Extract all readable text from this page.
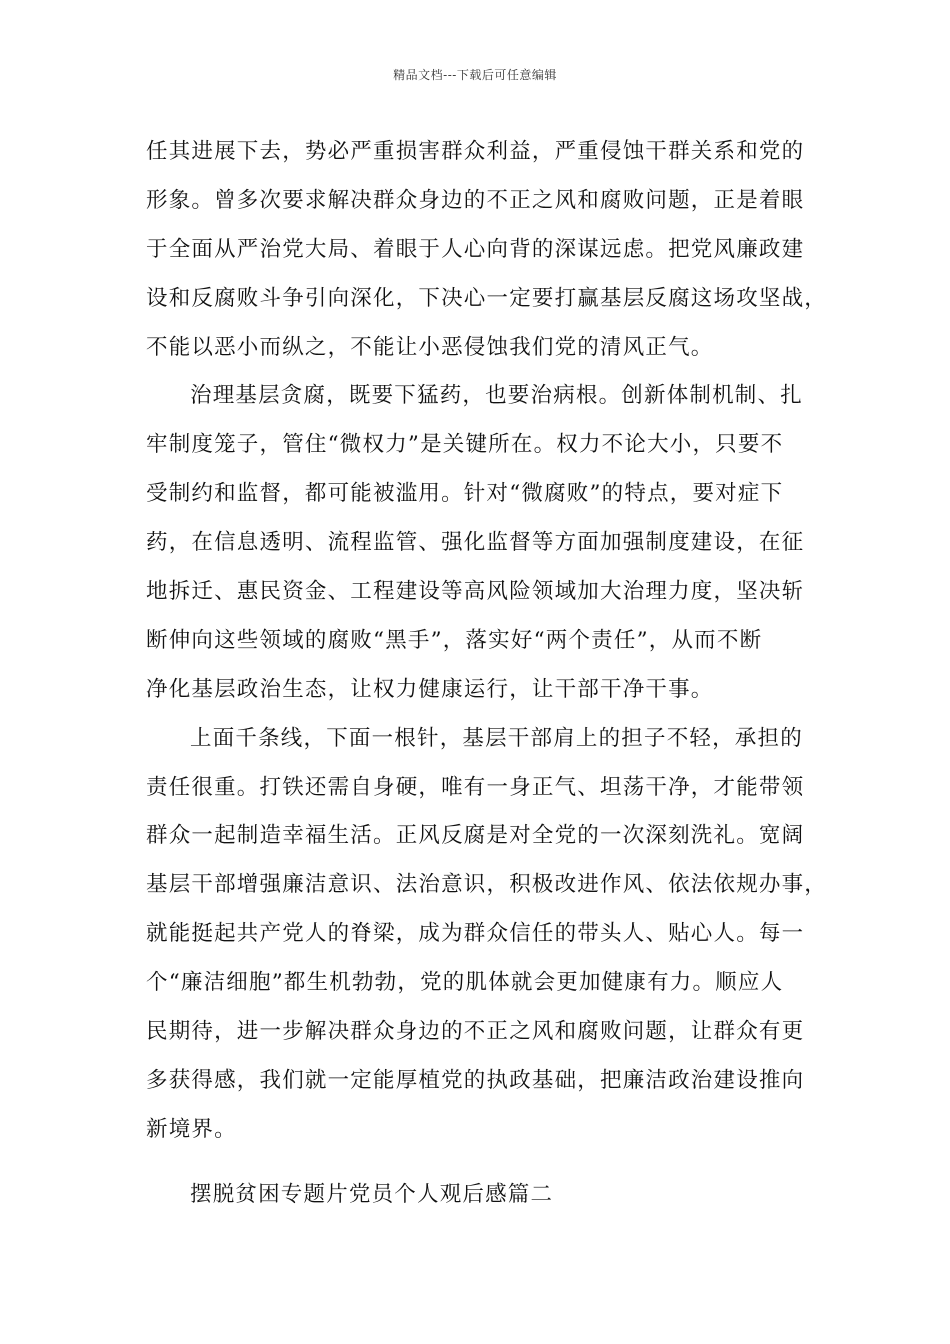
精品文档---下载后可任意编辑
任其进展下去，势必严重损害群众利益，严重侵蚀干群关系和党的
形象。曾多次要求解决群众身边的不正之风和腐败问题，正是着眼
于全面从严治党大局、着眼于人心向背的深谋远虑。把党风廉政建
设和反腐败斗争引向深化，下决心一定要打赢基层反腐这场攻坚战，
不能以恶小而纵之，不能让小恶侵蚀我们党的清风正气。
治理基层贪腐，既要下猛药，也要治病根。创新体制机制、扎
牢制度笼子，管住“微权力”是关键所在。权力不论大小，只要不
受制约和监督，都可能被滥用。针对“微腐败”的特点，要对症下
药，在信息透明、流程监管、强化监督等方面加强制度建设，在征
地拆迁、惠民资金、工程建设等高风险领域加大治理力度，坚决斩
断伸向这些领域的腐败“黑手”，落实好“两个责任”，从而不断
净化基层政治生态，让权力健康运行，让干部干净干事。
上面千条线，下面一根针，基层干部肩上的担子不轻，承担的
责任很重。打铁还需自身硬，唯有一身正气、坦荡干净，才能带领
群众一起制造幸福生活。正风反腐是对全党的一次深刻洗礼。宽阔
基层干部增强廉洁意识、法治意识，积极改进作风、依法依规办事，
就能挺起共产党人的脊梁，成为群众信任的带头人、贴心人。每一
个“廉洁细胞”都生机勃勃，党的肌体就会更加健康有力。顺应人
民期待，进一步解决群众身边的不正之风和腐败问题，让群众有更
多获得感，我们就一定能厚植党的执政基础，把廉洁政治建设推向
新境界。
摆脱贫困专题片党员个人观后感篇二
